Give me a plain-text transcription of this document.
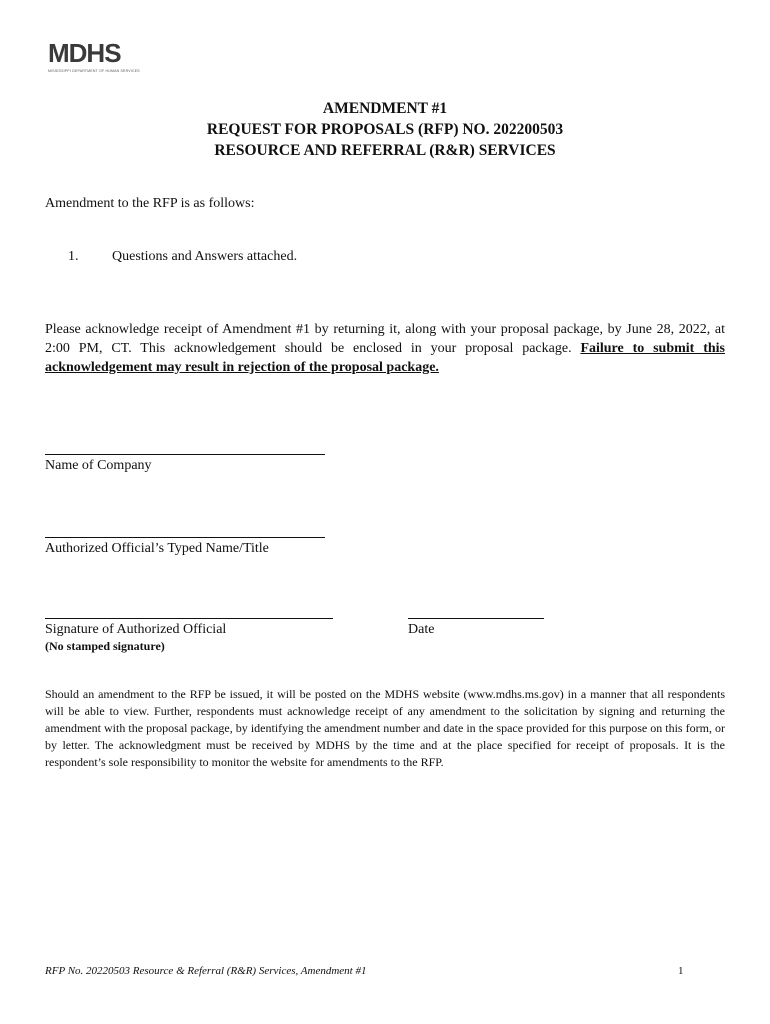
MDHS
MISSISSIPPI DEPARTMENT OF HUMAN SERVICES
AMENDMENT #1
REQUEST FOR PROPOSALS (RFP) NO. 202200503
RESOURCE AND REFERRAL (R&R) SERVICES
Amendment to the RFP is as follows:
1. Questions and Answers attached.
Please acknowledge receipt of Amendment #1 by returning it, along with your proposal package, by June 28, 2022, at 2:00 PM, CT. This acknowledgement should be enclosed in your proposal package. Failure to submit this acknowledgement may result in rejection of the proposal package.
Name of Company
Authorized Official’s Typed Name/Title
Signature of Authorized Official
(No stamped signature)
Date
Should an amendment to the RFP be issued, it will be posted on the MDHS website (www.mdhs.ms.gov) in a manner that all respondents will be able to view. Further, respondents must acknowledge receipt of any amendment to the solicitation by signing and returning the amendment with the proposal package, by identifying the amendment number and date in the space provided for this purpose on this form, or by letter. The acknowledgment must be received by MDHS by the time and at the place specified for receipt of proposals. It is the respondent’s sole responsibility to monitor the website for amendments to the RFP.
RFP No. 20220503 Resource & Referral (R&R) Services, Amendment #1	1
